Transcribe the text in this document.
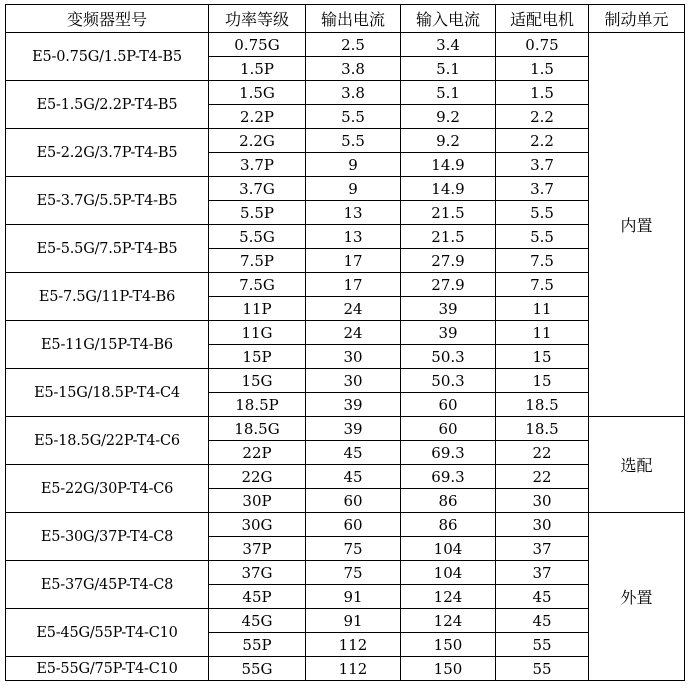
变频器型号	功率等级	输出电流	输入电流	适配电机	制动单元
E5-0.75G/1.5P-T4-B5	0.75G	2.5	3.4	0.75	内置
	1.5P	3.8	5.1	1.5	
E5-1.5G/2.2P-T4-B5	1.5G	3.8	5.1	1.5	
	2.2P	5.5	9.2	2.2	
E5-2.2G/3.7P-T4-B5	2.2G	5.5	9.2	2.2	
	3.7P	9	14.9	3.7	
E5-3.7G/5.5P-T4-B5	3.7G	9	14.9	3.7	
	5.5P	13	21.5	5.5	
E5-5.5G/7.5P-T4-B5	5.5G	13	21.5	5.5	
	7.5P	17	27.9	7.5	
E5-7.5G/11P-T4-B6	7.5G	17	27.9	7.5	
	11P	24	39	11	
E5-11G/15P-T4-B6	11G	24	39	11	
	15P	30	50.3	15	
E5-15G/18.5P-T4-C4	15G	30	50.3	15	
	18.5P	39	60	18.5	
E5-18.5G/22P-T4-C6	18.5G	39	60	18.5	选配
	22P	45	69.3	22	
E5-22G/30P-T4-C6	22G	45	69.3	22	
	30P	60	86	30	
E5-30G/37P-T4-C8	30G	60	86	30	外置
	37P	75	104	37	
E5-37G/45P-T4-C8	37G	75	104	37	
	45P	91	124	45	
E5-45G/55P-T4-C10	45G	91	124	45	
	55P	112	150	55	
E5-55G/75P-T4-C10	55G	112	150	55	
